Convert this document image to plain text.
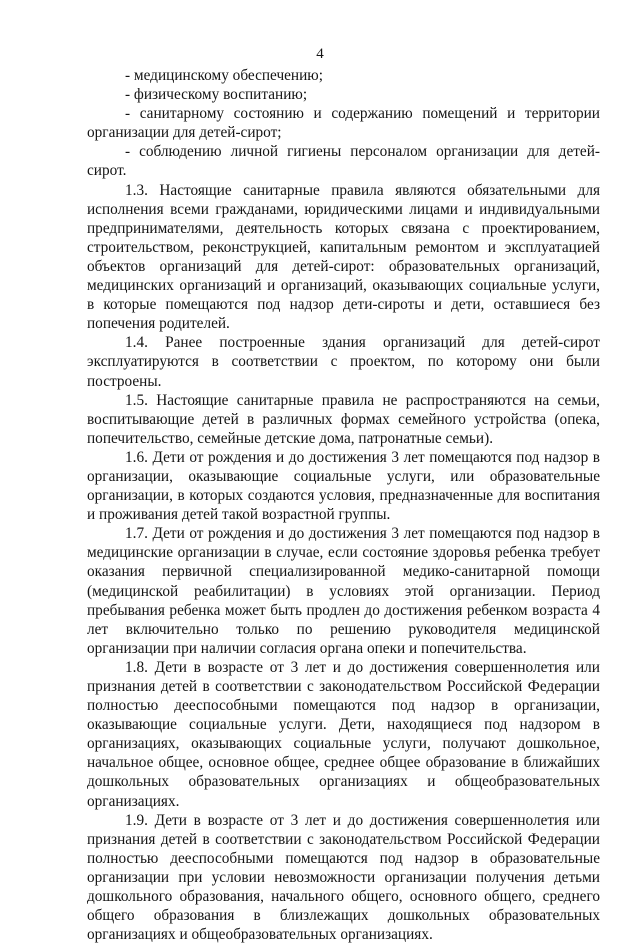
4

- медицинскому обеспечению;

- физическому воспитанию;

- санитарному состоянию и содержанию помещений и территории организации для детей-сирот;

- соблюдению личной гигиены персоналом организации для детей-сирот.

1.3. Настоящие санитарные правила являются обязательными для исполнения всеми гражданами, юридическими лицами и индивидуальными предпринимателями, деятельность которых связана с проектированием, строительством, реконструкцией, капитальным ремонтом и эксплуатацией объектов организаций для детей-сирот: образовательных организаций, медицинских организаций и организаций, оказывающих социальные услуги, в которые помещаются под надзор дети-сироты и дети, оставшиеся без попечения родителей.

1.4. Ранее построенные здания организаций для детей-сирот эксплуатируются в соответствии с проектом, по которому они были построены.

1.5. Настоящие санитарные правила не распространяются на семьи, воспитывающие детей в различных формах семейного устройства (опека, попечительство, семейные детские дома, патронатные семьи).

1.6. Дети от рождения и до достижения 3 лет помещаются под надзор в организации, оказывающие социальные услуги, или образовательные организации, в которых создаются условия, предназначенные для воспитания и проживания детей такой возрастной группы.

1.7. Дети от рождения и до достижения 3 лет помещаются под надзор в медицинские организации в случае, если состояние здоровья ребенка требует оказания первичной специализированной медико-санитарной помощи (медицинской реабилитации) в условиях этой организации. Период пребывания ребенка может быть продлен до достижения ребенком возраста 4 лет включительно только по решению руководителя медицинской организации при наличии согласия органа опеки и попечительства.

1.8. Дети в возрасте от 3 лет и до достижения совершеннолетия или признания детей в соответствии с законодательством Российской Федерации полностью дееспособными помещаются под надзор в организации, оказывающие социальные услуги. Дети, находящиеся под надзором в организациях, оказывающих социальные услуги, получают дошкольное, начальное общее, основное общее, среднее общее образование в ближайших дошкольных образовательных организациях и общеобразовательных организациях.

1.9. Дети в возрасте от 3 лет и до достижения совершеннолетия или признания детей в соответствии с законодательством Российской Федерации полностью дееспособными помещаются под надзор в образовательные организации при условии невозможности организации получения детьми дошкольного образования, начального общего, основного общего, среднего общего образования в близлежащих дошкольных образовательных организациях и общеобразовательных организациях.
